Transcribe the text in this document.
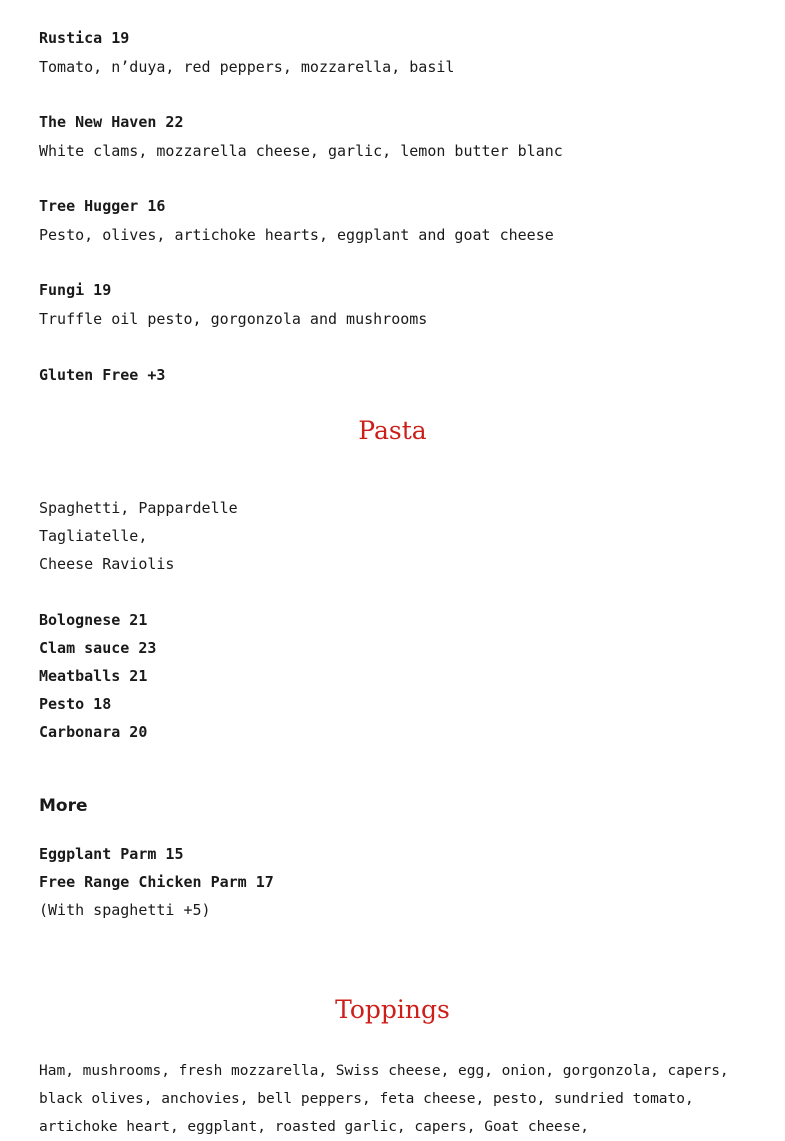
Rustica 19
Tomato, n’duya, red peppers, mozzarella, basil
The New Haven 22
White clams, mozzarella cheese, garlic, lemon butter blanc
Tree Hugger 16
Pesto, olives, artichoke hearts, eggplant and goat cheese
Fungi 19
Truffle oil pesto, gorgonzola and mushrooms
Gluten Free +3
Pasta
Spaghetti, Pappardelle
Tagliatelle,
Cheese Raviolis
Bolognese 21
Clam sauce 23
Meatballs 21
Pesto 18
Carbonara 20
More
Eggplant Parm 15
Free Range Chicken Parm 17
(With spaghetti +5)
Toppings
Ham, mushrooms, fresh mozzarella, Swiss cheese, egg, onion, gorgonzola, capers, black olives, anchovies, bell peppers, feta cheese, pesto, sundried tomato, artichoke heart, eggplant, roasted garlic, capers, Goat cheese,
